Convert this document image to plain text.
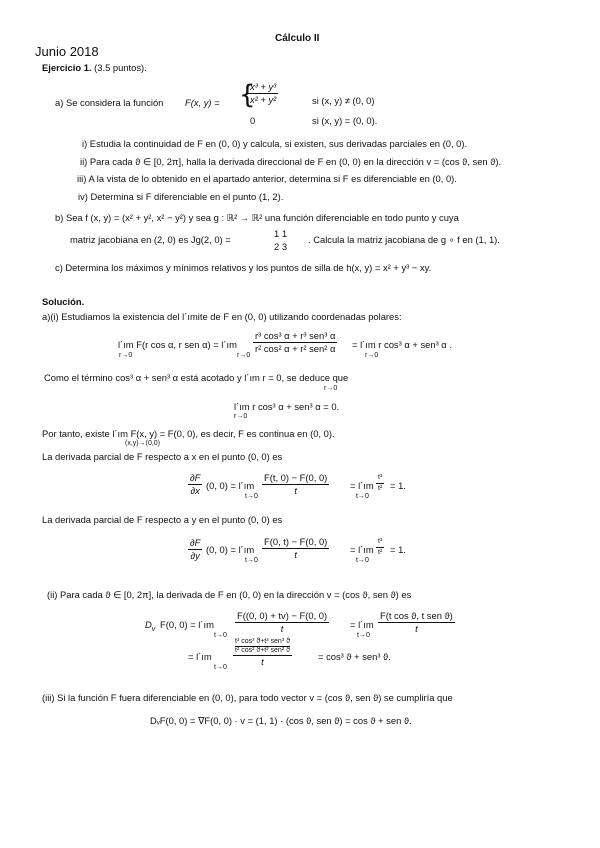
Cálculo II
Junio 2018
Ejercicio 1. (3.5 puntos).
a) Se considera la función F(x, y) = {
$\frac{\text{x³ + y³}}{\text{x² + y²}}$	si (x, y) ≠ (0, 0)
0	si (x, y) = (0, 0).
i) Estudia la continuidad de F en (0, 0) y calcula, si existen, sus derivadas parciales en (0, 0).
ii) Para cada ϑ ∈ [0, 2π], halla la derivada direccional de F en (0, 0) en la dirección v = (cos ϑ, sen ϑ).
iii) A la vista de lo obtenido en el apartado anterior, determina si F es diferenciable en (0, 0).
iv) Determina si F diferenciable en el punto (1, 2).
b) Sea f (x, y) = (x² + y², x² − y²) y sea g : ℝ² → ℝ² una función diferenciable en todo punto y cuya
matriz jacobiana en (2, 0) es Jg(2, 0) =
1 1
2 3
. Calcula la matriz jacobiana de g ∘ f en (1, 1).
c) Determina los máximos y mínimos relativos y los puntos de silla de h(x, y) = x² + y³ − xy.
Solución.
a)(i) Estudiamos la existencia del l´ımite de F en (0, 0) utilizando coordenadas polares:
l´ım F(r cos α, r sen α) = l´ım
r→0	r→0
r³ cos³ α + r³ sen³ α
r² cos² α + r² sen² α = l´ım r cos³ α + sen³ α .
r→0
Como el término cos³ α + sen³ α está acotado y l´ım r = 0, se deduce que
r→0
l´ım r cos³ α + sen³ α = 0.
r→0
Por tanto, existe l´ım F(x, y) = F(0, 0), es decir, F es continua en (0, 0).
(x,y)→(0,0)
La derivada parcial de F respecto a x en el punto (0, 0) es
$\frac{\partial F}{\partial x} (0$, 0) = l´ım
$t\to 0 \frac{F(t, 0) - F(0, 0)}{t}$ = l´ım
t→0
$\frac{\text{t³}}{\text{t²}} = 1$.
La derivada parcial de F respecto a y en el punto (0, 0) es
$\frac{\partial F}{\partial y} (0$, 0) = l´ım
$t\to 0 \frac{F(0, t) - F(0, 0)}{t}$ = l´ım
t→0
$\frac{\text{t³}}{\text{t²}} = 1$.
(ii) Para cada ϑ ∈ [0, 2π], la derivada de F en (0, 0) en la dirección v = (cos ϑ, sen ϑ) es
$D_v$ F(0, 0) = l´ım
t→0
$\frac{F((0, 0) + tv) - F(0, 0)}{t}$ = l´ım
t→0
F(t cos ϑ, t sen ϑ)
t
= l´ım
t→0
t³ cos³ ϑ+t³ sen³ ϑ
t² cos² ϑ+t² sen² ϑ
t	= cos³ ϑ + sen³ ϑ.
(iii) Si la función F fuera diferenciable en (0, 0), para todo vector v = (cos ϑ, sen ϑ) se cumpliría que
DᵥF(0, 0) = ∇F(0, 0) · v = (1, 1) · (cos ϑ, sen ϑ) = cos ϑ + sen ϑ.
